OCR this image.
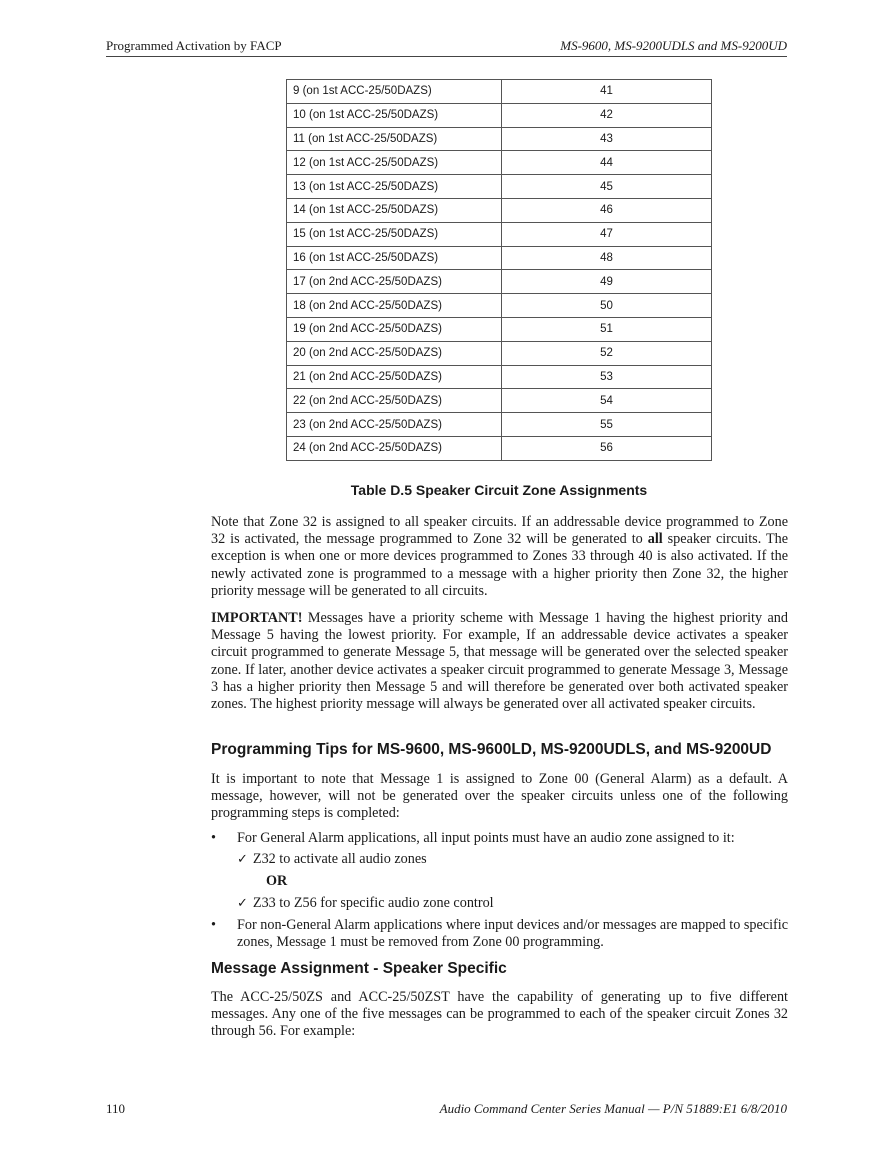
Programmed Activation by FACP	MS-9600, MS-9200UDLS and MS-9200UD
9 (on 1st ACC-25/50DAZS)	41
10 (on 1st ACC-25/50DAZS)	42
11 (on 1st ACC-25/50DAZS)	43
12 (on 1st ACC-25/50DAZS)	44
13 (on 1st ACC-25/50DAZS)	45
14 (on 1st ACC-25/50DAZS)	46
15 (on 1st ACC-25/50DAZS)	47
16 (on 1st ACC-25/50DAZS)	48
17 (on 2nd ACC-25/50DAZS)	49
18 (on 2nd ACC-25/50DAZS)	50
19 (on 2nd ACC-25/50DAZS)	51
20 (on 2nd ACC-25/50DAZS)	52
21 (on 2nd ACC-25/50DAZS)	53
22 (on 2nd ACC-25/50DAZS)	54
23 (on 2nd ACC-25/50DAZS)	55
24 (on 2nd ACC-25/50DAZS)	56
Table D.5 Speaker Circuit Zone Assignments

Note that Zone 32 is assigned to all speaker circuits. If an addressable device programmed to Zone 32 is activated, the message programmed to Zone 32 will be generated to all speaker circuits. The exception is when one or more devices programmed to Zones 33 through 40 is also activated. If the newly activated zone is programmed to a message with a higher priority then Zone 32, the higher priority message will be generated to all circuits.

IMPORTANT! Messages have a priority scheme with Message 1 having the highest priority and Message 5 having the lowest priority. For example, If an addressable device activates a speaker circuit programmed to generate Message 5, that message will be generated over the selected speaker zone. If later, another device activates a speaker circuit programmed to generate Message 3, Message 3 has a higher priority then Message 5 and will therefore be generated over both activated speaker zones. The highest priority message will always be generated over all activated speaker circuits.

Programming Tips for MS-9600, MS-9600LD, MS-9200UDLS, and MS-9200UD

It is important to note that Message 1 is assigned to Zone 00 (General Alarm) as a default. A message, however, will not be generated over the speaker circuits unless one of the following programming steps is completed:

• For General Alarm applications, all input points must have an audio zone assigned to it:
✓ Z32 to activate all audio zones
OR
✓ Z33 to Z56 for specific audio zone control
• For non-General Alarm applications where input devices and/or messages are mapped to specific zones, Message 1 must be removed from Zone 00 programming.
Message Assignment - Speaker Specific

The ACC-25/50ZS and ACC-25/50ZST have the capability of generating up to five different messages. Any one of the five messages can be programmed to each of the speaker circuit Zones 32 through 56. For example:

110	Audio Command Center Series Manual — P/N 51889:E1 6/8/2010
